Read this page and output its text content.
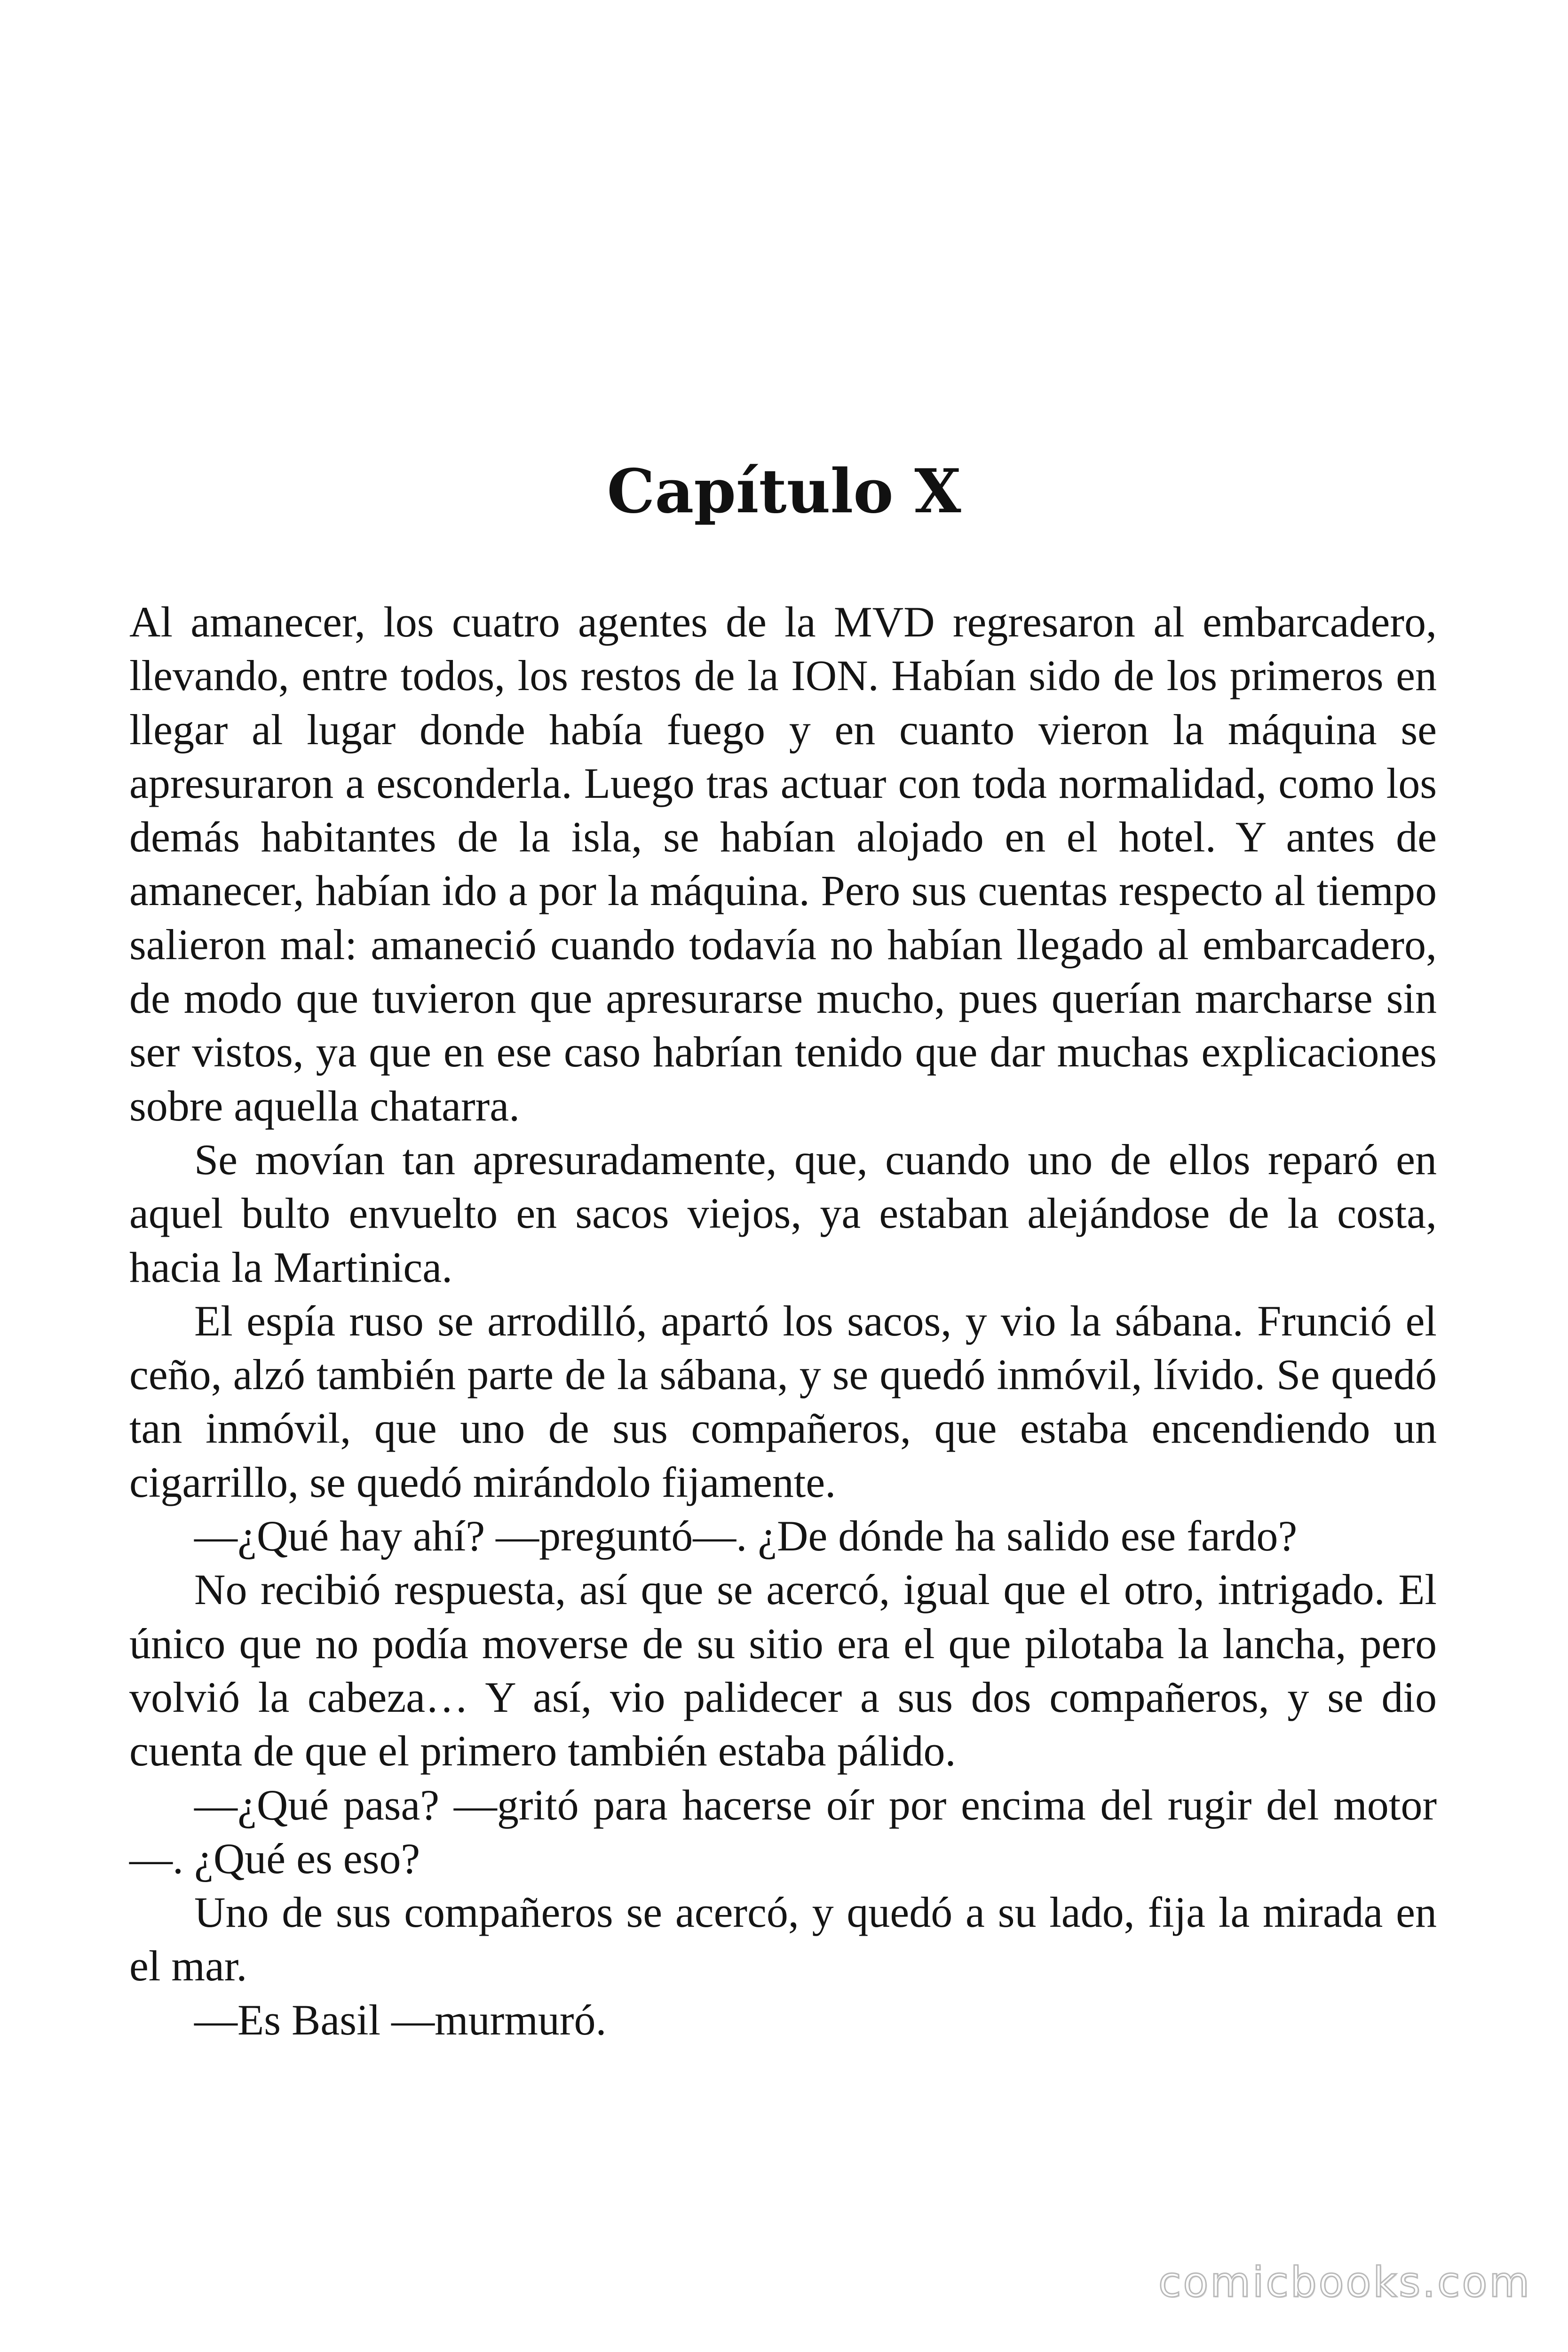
Capítulo X

Al amanecer, los cuatro agentes de la MVD regresaron al embarcadero, llevando, entre todos, los restos de la ION. Habían sido de los primeros en llegar al lugar donde había fuego y en cuanto vieron la máquina se apresuraron a esconderla. Luego tras actuar con toda normalidad, como los demás habitantes de la isla, se habían alojado en el hotel. Y antes de amanecer, habían ido a por la máquina. Pero sus cuentas respecto al tiempo salieron mal: amaneció cuando todavía no habían llegado al embarcadero, de modo que tuvieron que apresurarse mucho, pues querían marcharse sin ser vistos, ya que en ese caso habrían tenido que dar muchas explicaciones sobre aquella chatarra.

Se movían tan apresuradamente, que, cuando uno de ellos reparó en aquel bulto envuelto en sacos viejos, ya estaban alejándose de la costa, hacia la Martinica.

El espía ruso se arrodilló, apartó los sacos, y vio la sábana. Frunció el ceño, alzó también parte de la sábana, y se quedó inmóvil, lívido. Se quedó tan inmóvil, que uno de sus compañeros, que estaba encendiendo un cigarrillo, se quedó mirándolo fijamente.

—¿Qué hay ahí? —preguntó—. ¿De dónde ha salido ese fardo?

No recibió respuesta, así que se acercó, igual que el otro, intrigado. El único que no podía moverse de su sitio era el que pilotaba la lancha, pero volvió la cabeza… Y así, vio palidecer a sus dos compañeros, y se dio cuenta de que el primero también estaba pálido.

—¿Qué pasa? —gritó para hacerse oír por encima del rugir del motor—. ¿Qué es eso?

Uno de sus compañeros se acercó, y quedó a su lado, fija la mirada en el mar.

—Es Basil —murmuró.

comicbooks.com
